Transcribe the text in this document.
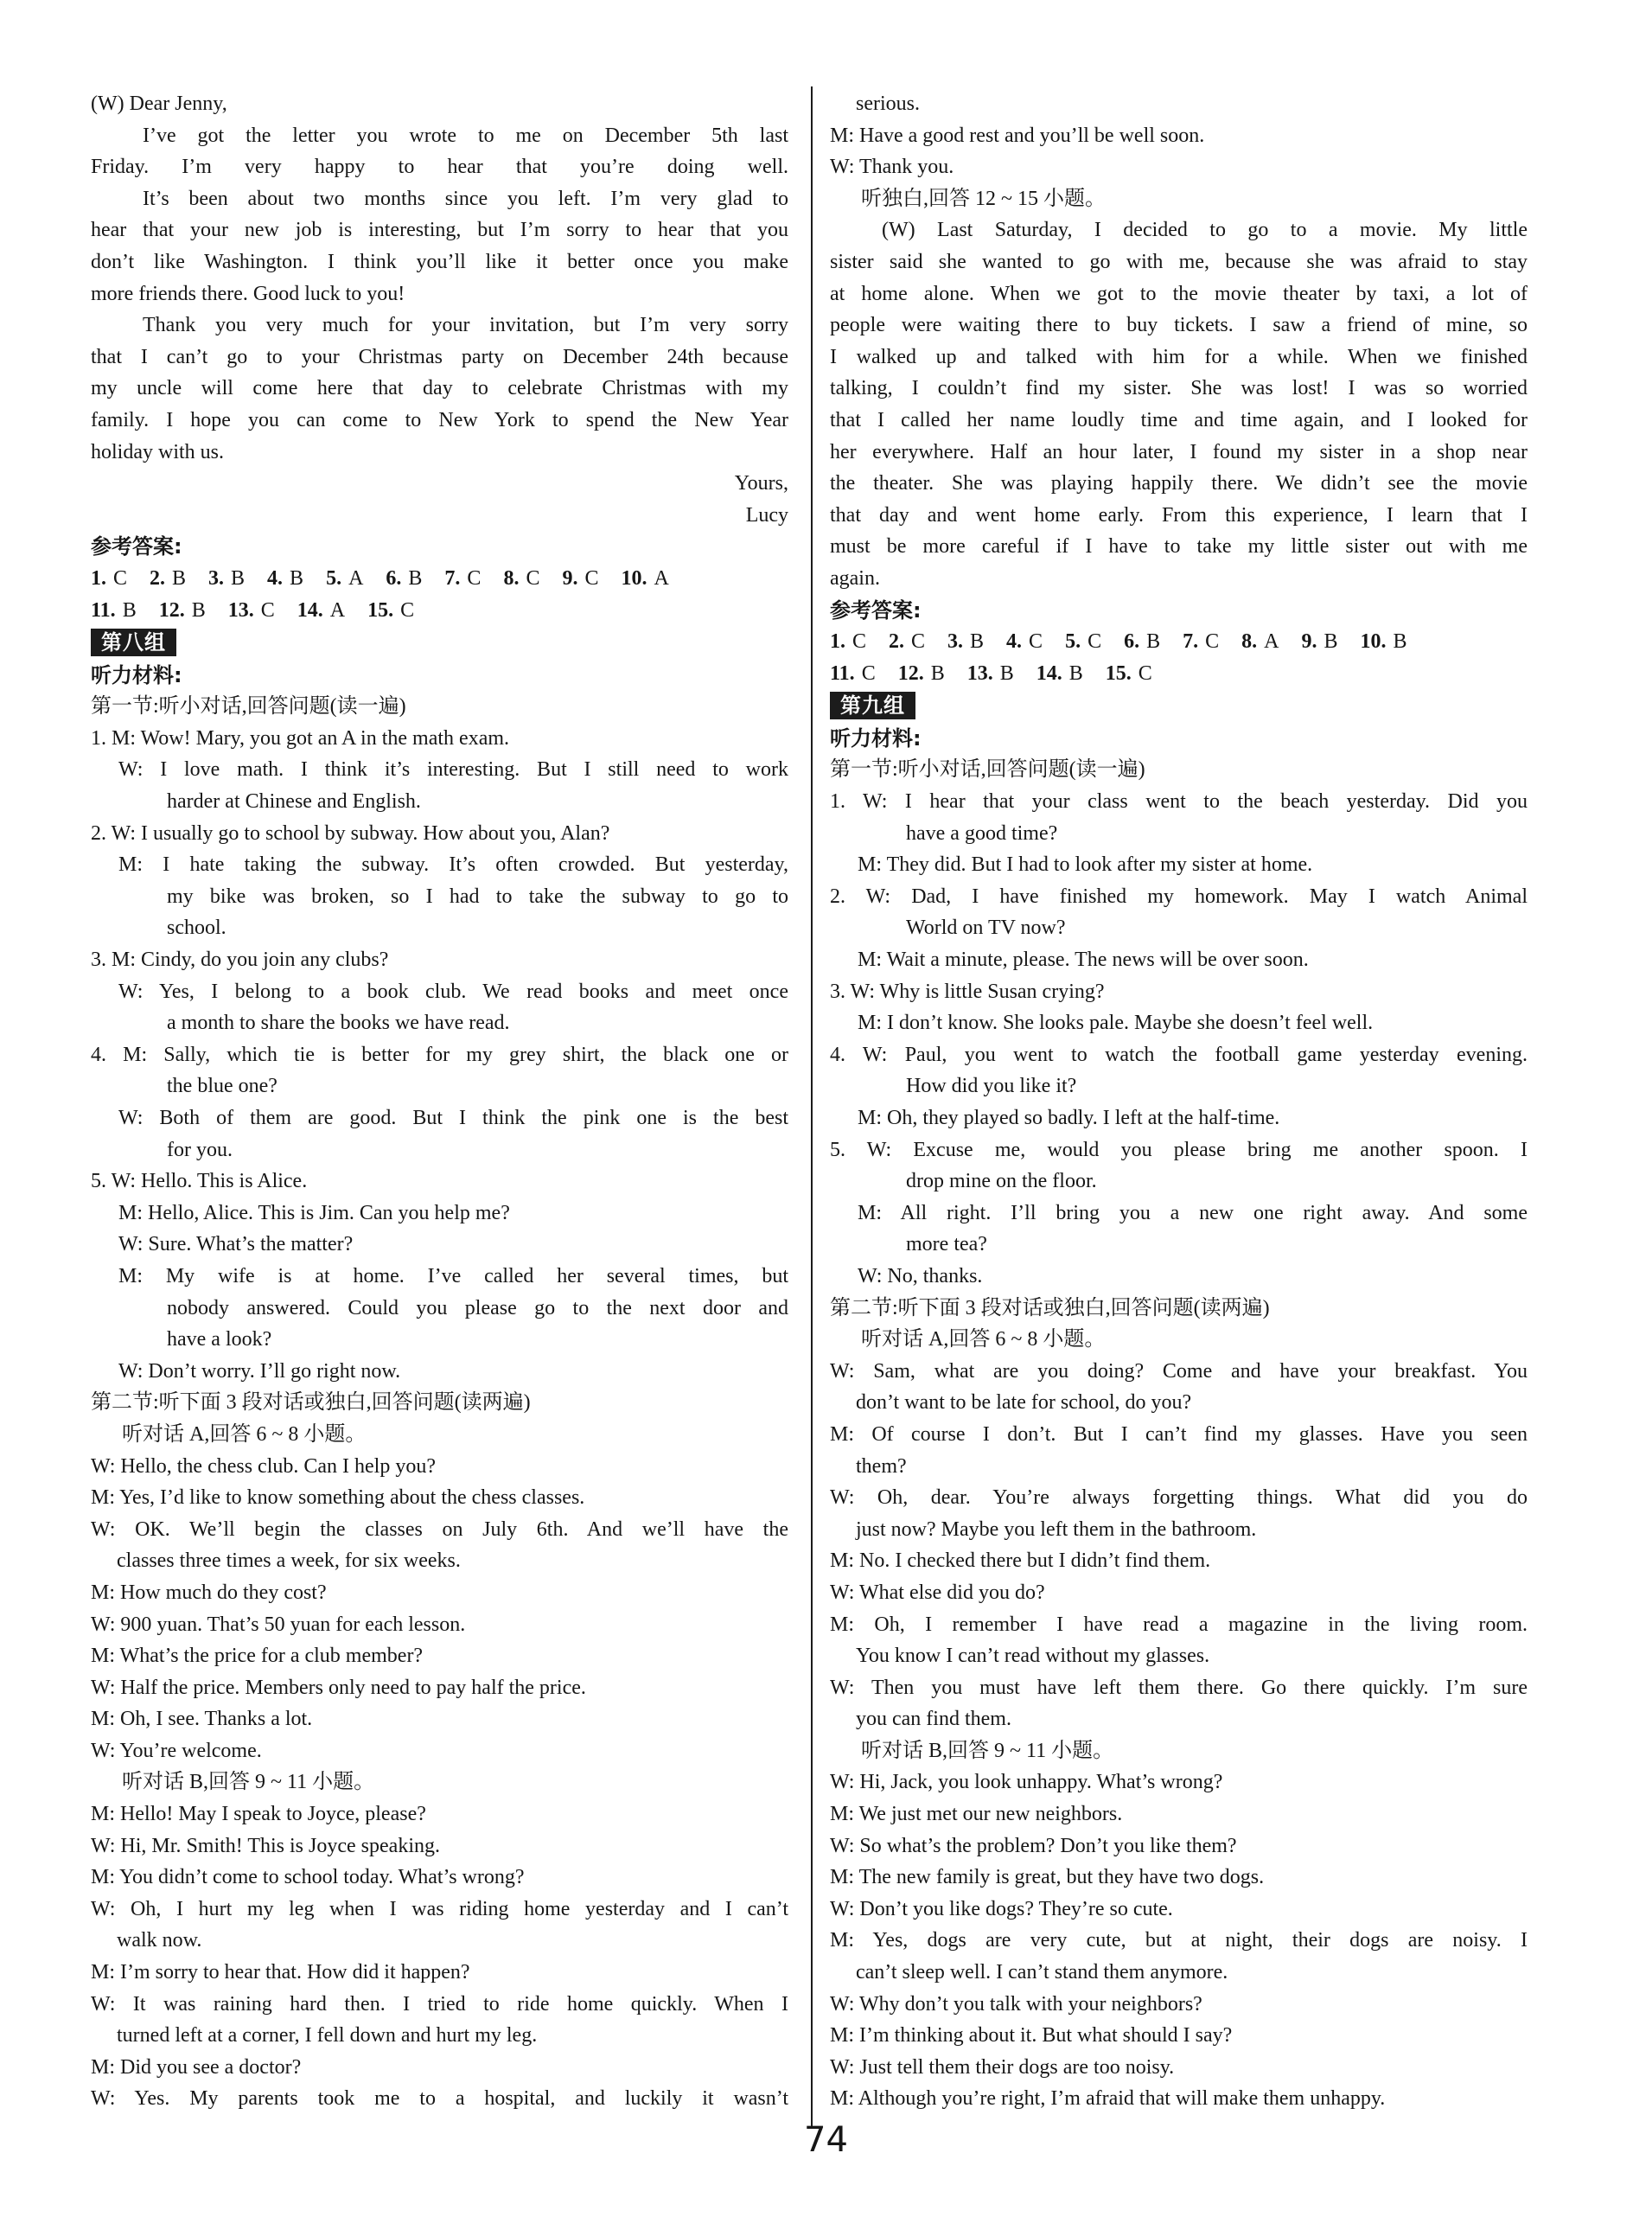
(W) Dear Jenny,
I’ve got the letter you wrote to me on December 5th last
Friday. I’m very happy to hear that you’re doing well.
It’s been about two months since you left. I’m very glad to
hear that your new job is interesting, but I’m sorry to hear that you
don’t like Washington. I think you’ll like it better once you make
more friends there. Good luck to you!
Thank you very much for your invitation, but I’m very sorry
that I can’t go to your Christmas party on December 24th because
my uncle will come here that day to celebrate Christmas with my
family. I hope you can come to New York to spend the New Year
holiday with us.
Yours,
Lucy
参考答案:
1. C 2. B 3. B 4. B 5. A 6. B 7. C 8. C 9. C 10. A
11. B 12. B 13. C 14. A 15. C
第八组
听力材料:
第一节:听小对话,回答问题(读一遍)
1. M: Wow! Mary, you got an A in the math exam.
W: I love math. I think it’s interesting. But I still need to work
harder at Chinese and English.
2. W: I usually go to school by subway. How about you, Alan?
M: I hate taking the subway. It’s often crowded. But yesterday,
my bike was broken, so I had to take the subway to go to
school.
3. M: Cindy, do you join any clubs?
W: Yes, I belong to a book club. We read books and meet once
a month to share the books we have read.
4. M: Sally, which tie is better for my grey shirt, the black one or
the blue one?
W: Both of them are good. But I think the pink one is the best
for you.
5. W: Hello. This is Alice.
M: Hello, Alice. This is Jim. Can you help me?
W: Sure. What’s the matter?
M: My wife is at home. I’ve called her several times, but
nobody answered. Could you please go to the next door and
have a look?
W: Don’t worry. I’ll go right now.
第二节:听下面 3 段对话或独白,回答问题(读两遍)
听对话 A,回答 6 ~ 8 小题。
W: Hello, the chess club. Can I help you?
M: Yes, I’d like to know something about the chess classes.
W: OK. We’ll begin the classes on July 6th. And we’ll have the
classes three times a week, for six weeks.
M: How much do they cost?
W: 900 yuan. That’s 50 yuan for each lesson.
M: What’s the price for a club member?
W: Half the price. Members only need to pay half the price.
M: Oh, I see. Thanks a lot.
W: You’re welcome.
听对话 B,回答 9 ~ 11 小题。
M: Hello! May I speak to Joyce, please?
W: Hi, Mr. Smith! This is Joyce speaking.
M: You didn’t come to school today. What’s wrong?
W: Oh, I hurt my leg when I was riding home yesterday and I can’t
walk now.
M: I’m sorry to hear that. How did it happen?
W: It was raining hard then. I tried to ride home quickly. When I
turned left at a corner, I fell down and hurt my leg.
M: Did you see a doctor?
W: Yes. My parents took me to a hospital, and luckily it wasn’t
serious.
M: Have a good rest and you’ll be well soon.
W: Thank you.
听独白,回答 12 ~ 15 小题。
(W) Last Saturday, I decided to go to a movie. My little
sister said she wanted to go with me, because she was afraid to stay
at home alone. When we got to the movie theater by taxi, a lot of
people were waiting there to buy tickets. I saw a friend of mine, so
I walked up and talked with him for a while. When we finished
talking, I couldn’t find my sister. She was lost! I was so worried
that I called her name loudly time and time again, and I looked for
her everywhere. Half an hour later, I found my sister in a shop near
the theater. She was playing happily there. We didn’t see the movie
that day and went home early. From this experience, I learn that I
must be more careful if I have to take my little sister out with me
again.
参考答案:
1. C 2. C 3. B 4. C 5. C 6. B 7. C 8. A 9. B 10. B
11. C 12. B 13. B 14. B 15. C
第九组
听力材料:
第一节:听小对话,回答问题(读一遍)
1. W: I hear that your class went to the beach yesterday. Did you
have a good time?
M: They did. But I had to look after my sister at home.
2. W: Dad, I have finished my homework. May I watch Animal
World on TV now?
M: Wait a minute, please. The news will be over soon.
3. W: Why is little Susan crying?
M: I don’t know. She looks pale. Maybe she doesn’t feel well.
4. W: Paul, you went to watch the football game yesterday evening.
How did you like it?
M: Oh, they played so badly. I left at the half-time.
5. W: Excuse me, would you please bring me another spoon. I
drop mine on the floor.
M: All right. I’ll bring you a new one right away. And some
more tea?
W: No, thanks.
第二节:听下面 3 段对话或独白,回答问题(读两遍)
听对话 A,回答 6 ~ 8 小题。
W: Sam, what are you doing? Come and have your breakfast. You
don’t want to be late for school, do you?
M: Of course I don’t. But I can’t find my glasses. Have you seen
them?
W: Oh, dear. You’re always forgetting things. What did you do
just now? Maybe you left them in the bathroom.
M: No. I checked there but I didn’t find them.
W: What else did you do?
M: Oh, I remember I have read a magazine in the living room.
You know I can’t read without my glasses.
W: Then you must have left them there. Go there quickly. I’m sure
you can find them.
听对话 B,回答 9 ~ 11 小题。
W: Hi, Jack, you look unhappy. What’s wrong?
M: We just met our new neighbors.
W: So what’s the problem? Don’t you like them?
M: The new family is great, but they have two dogs.
W: Don’t you like dogs? They’re so cute.
M: Yes, dogs are very cute, but at night, their dogs are noisy. I
can’t sleep well. I can’t stand them anymore.
W: Why don’t you talk with your neighbors?
M: I’m thinking about it. But what should I say?
W: Just tell them their dogs are too noisy.
M: Although you’re right, I’m afraid that will make them unhappy.
74
